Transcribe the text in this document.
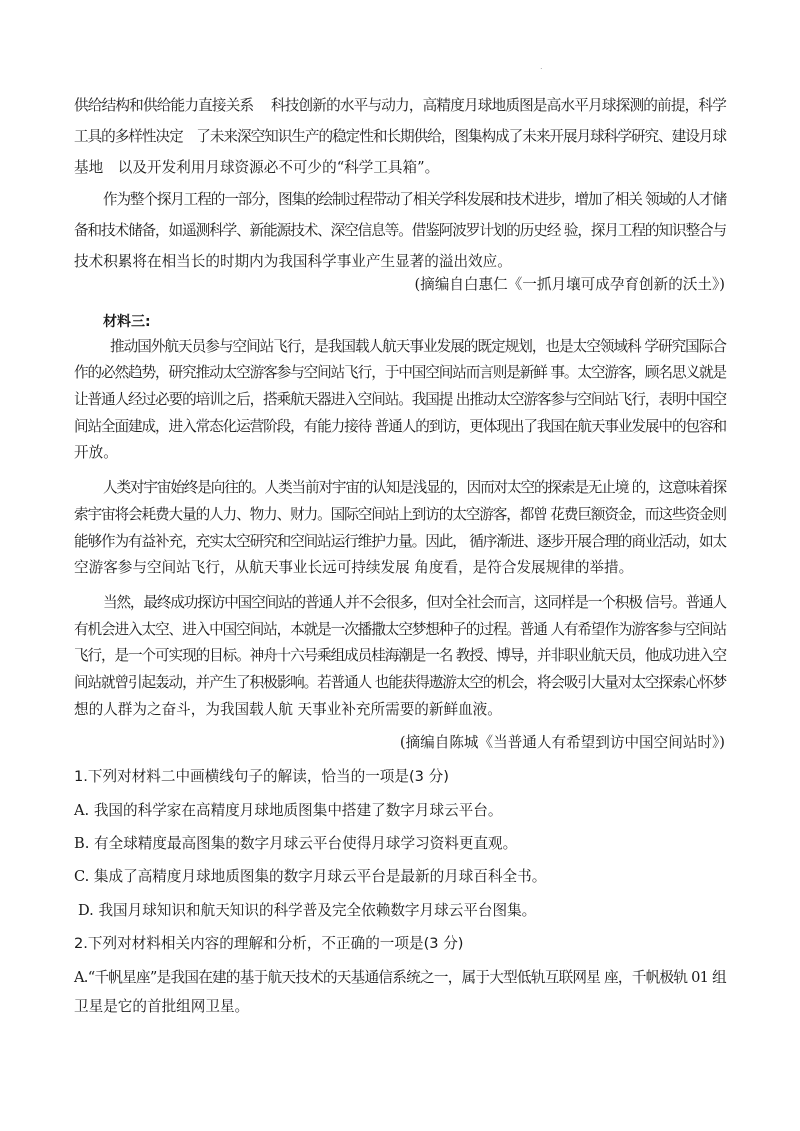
.
供给结构和供给能力直接关系　 科技创新的水平与动力，高精度月球地质图是高水平月球探测的前提，科学
工具的多样性决定　了未来深空知识生产的稳定性和长期供给，图集构成了未来开展月球科学研究、建设月球
基地　以及开发利用月球资源必不可少的“科学工具箱”。
作为整个探月工程的一部分，图集的绘制过程带动了相关学科发展和技术进步，增加了相关 领域的人才储
备和技术储备，如遥测科学、新能源技术、深空信息等。借鉴阿波罗计划的历史经 验，探月工程的知识整合与
技术积累将在相当长的时期内为我国科学事业产生显著的溢出效应。
(摘编自白惠仁《一抓月壤可成孕育创新的沃土》)
材料三:
推动国外航天员参与空间站飞行，是我国载人航天事业发展的既定规划，也是太空领域科 学研究国际合
作的必然趋势，研究推动太空游客参与空间站飞行，于中国空间站而言则是新鲜 事。太空游客，顾名思义就是
让普通人经过必要的培训之后，搭乘航天器进入空间站。我国提 出推动太空游客参与空间站飞行，表明中国空
间站全面建成，进入常态化运营阶段，有能力接待 普通人的到访，更体现出了我国在航天事业发展中的包容和
开放。
人类对宇宙始终是向往的。人类当前对宇宙的认知是浅显的，因而对太空的探索是无止境 的，这意味着探
索宇宙将会耗费大量的人力、物力、财力。国际空间站上到访的太空游客，都曾 花费巨额资金，而这些资金则
能够作为有益补充，充实太空研究和空间站运行维护力量。因此， 循序渐进、逐步开展合理的商业活动，如太
空游客参与空间站飞行，从航天事业长远可持续发展 角度看，是符合发展规律的举措。
当然，最终成功探访中国空间站的普通人并不会很多，但对全社会而言，这同样是一个积极 信号。普通人
有机会进入太空、进入中国空间站，本就是一次播撒太空梦想种子的过程。普通 人有希望作为游客参与空间站
飞行，是一个可实现的目标。神舟十六号乘组成员桂海潮是一名 教授、博导，并非职业航天员，他成功进入空
间站就曾引起轰动，并产生了积极影响。若普通人 也能获得遨游太空的机会，将会吸引大量对太空探索心怀梦
想的人群为之奋斗，为我国载人航 天事业补充所需要的新鲜血液。
(摘编自陈城《当普通人有希望到访中国空间站时》)
1.下列对材料二中画横线句子的解读，恰当的一项是(3 分)
A. 我国的科学家在高精度月球地质图集中搭建了数字月球云平台。
B. 有全球精度最高图集的数字月球云平台使得月球学习资料更直观。
C. 集成了高精度月球地质图集的数字月球云平台是最新的月球百科全书。
D. 我国月球知识和航天知识的科学普及完全依赖数字月球云平台图集。
2.下列对材料相关内容的理解和分析，不正确的一项是(3 分)
A.“千帆星座”是我国在建的基于航天技术的天基通信系统之一，属于大型低轨互联网星 座，千帆极轨 01 组
卫星是它的首批组网卫星。
